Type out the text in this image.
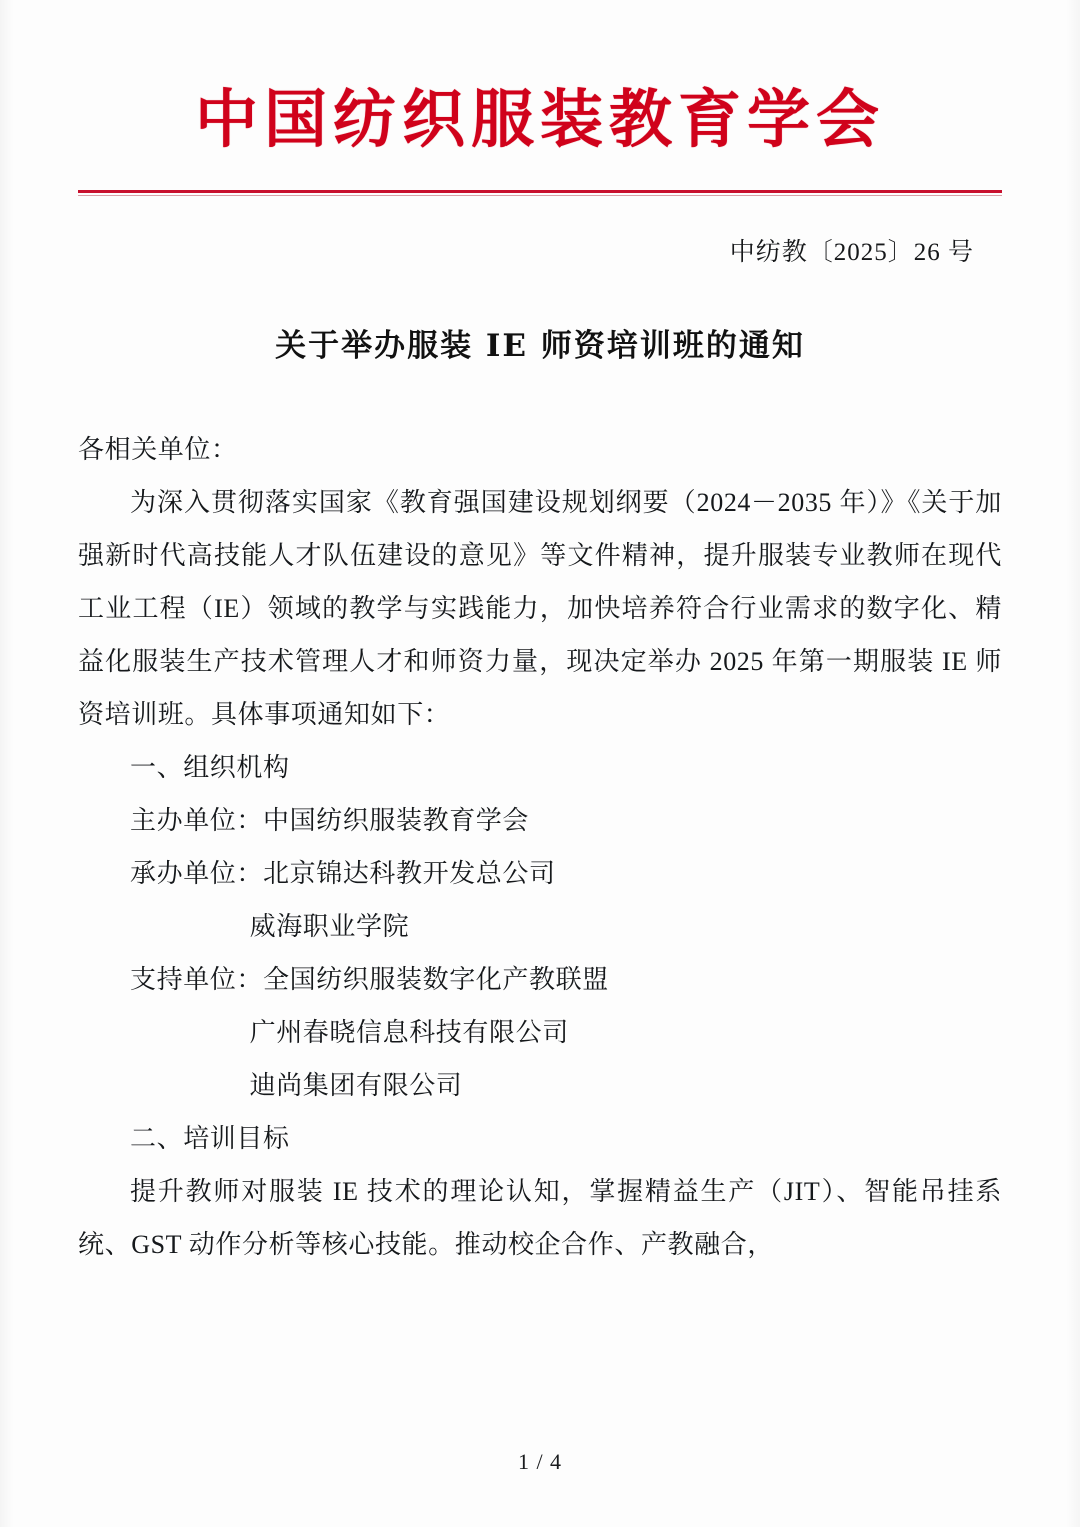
中国纺织服装教育学会
中纺教〔2025〕26 号
关于举办服装 IE 师资培训班的通知
各相关单位：
为深入贯彻落实国家《教育强国建设规划纲要（2024－2035 年）》《关于加强新时代高技能人才队伍建设的意见》等文件精神，提升服装专业教师在现代工业工程（IE）领域的教学与实践能力，加快培养符合行业需求的数字化、精益化服装生产技术管理人才和师资力量，现决定举办 2025 年第一期服装 IE 师资培训班。具体事项通知如下：
一、组织机构
主办单位：中国纺织服装教育学会
承办单位：北京锦达科教开发总公司
威海职业学院
支持单位：全国纺织服装数字化产教联盟
广州春晓信息科技有限公司
迪尚集团有限公司
二、培训目标
提升教师对服装 IE 技术的理论认知，掌握精益生产（JIT）、智能吊挂系统、GST 动作分析等核心技能。推动校企合作、产教融合，
1 / 4
